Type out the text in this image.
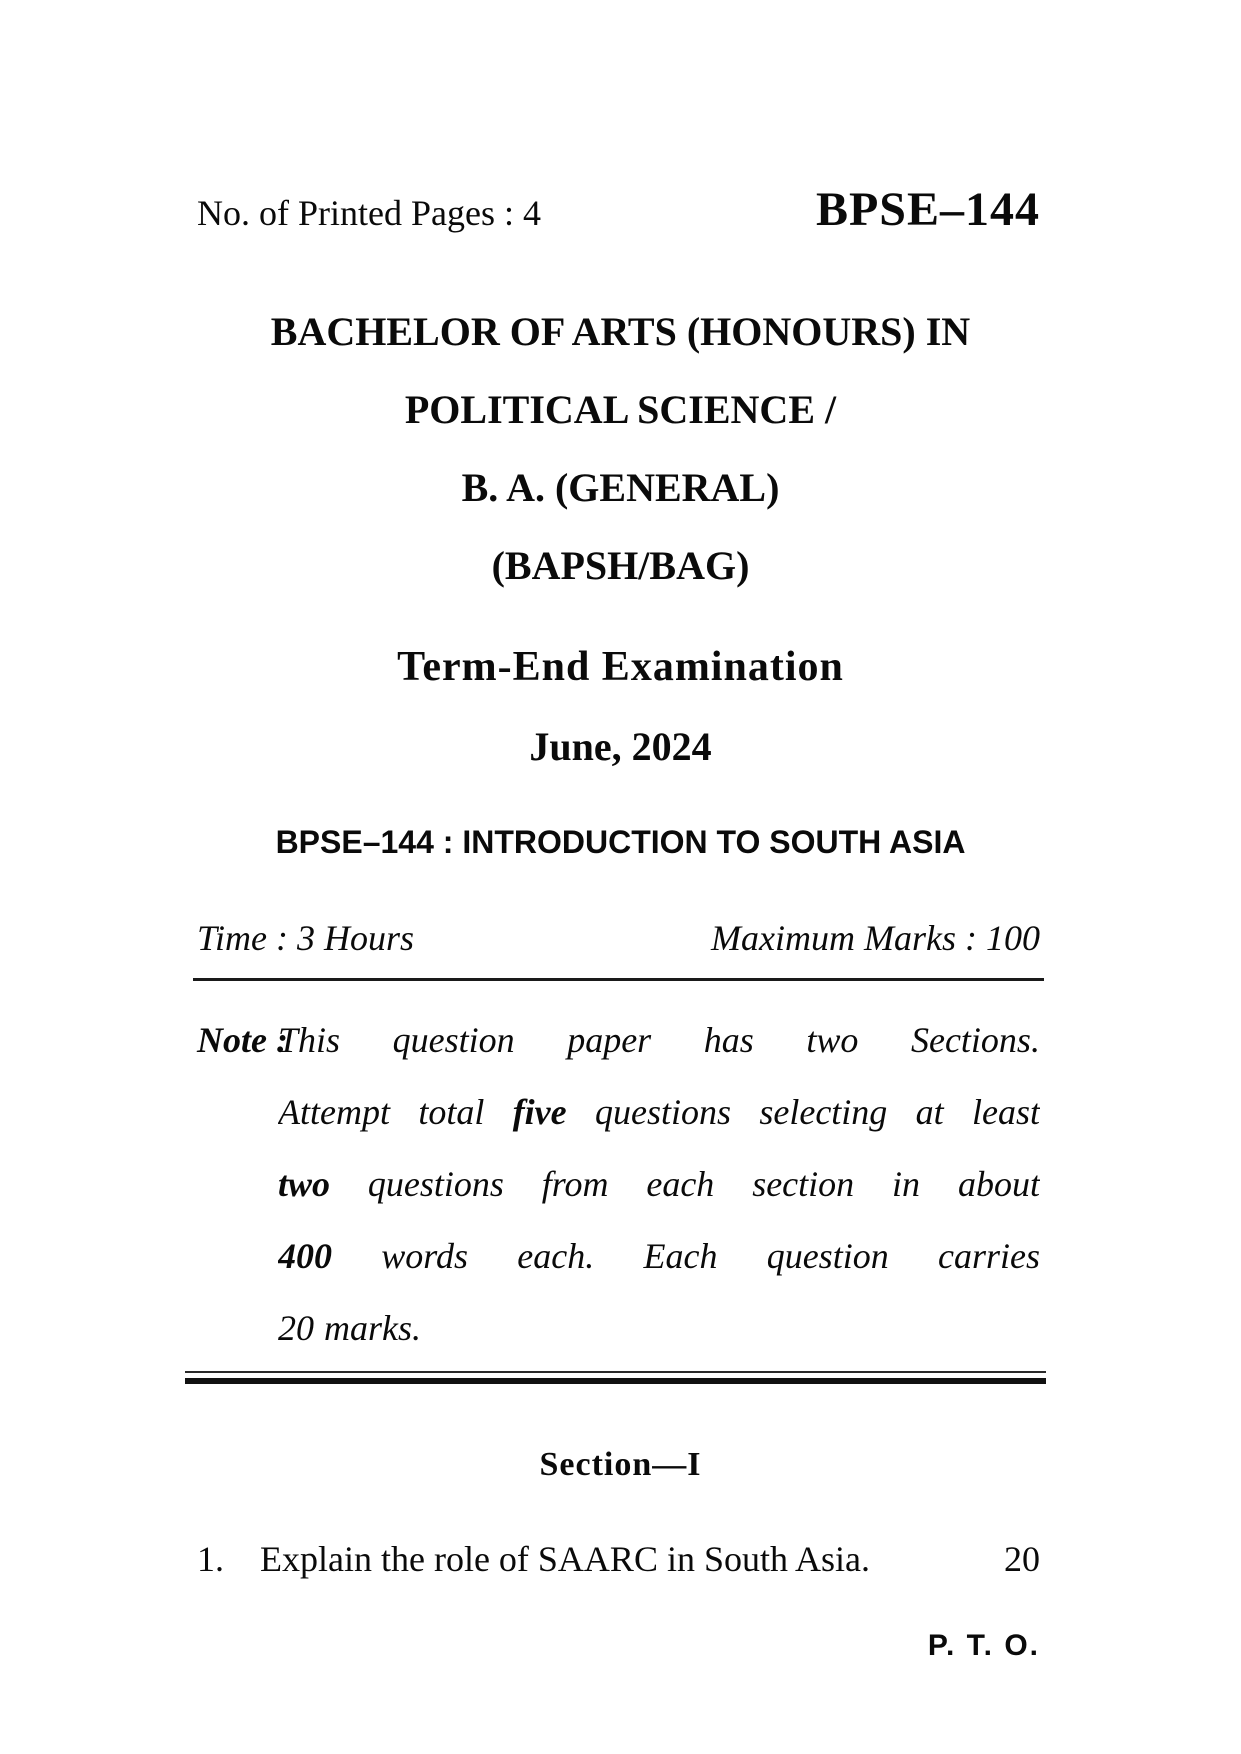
No. of Printed Pages : 4	BPSE–144
BACHELOR OF ARTS (HONOURS) IN
POLITICAL SCIENCE /
B. A. (GENERAL)
(BAPSH/BAG)
Term-End Examination
June, 2024
BPSE–144 : INTRODUCTION TO SOUTH ASIA
Time : 3 Hours	Maximum Marks : 100
Note :
This question paper has two Sections.
Attempt total five questions selecting at least
two questions from each section in about
400 words each. Each question carries
20 marks.
Section—I
1.	Explain the role of SAARC in South Asia.	20
P. T. O.
